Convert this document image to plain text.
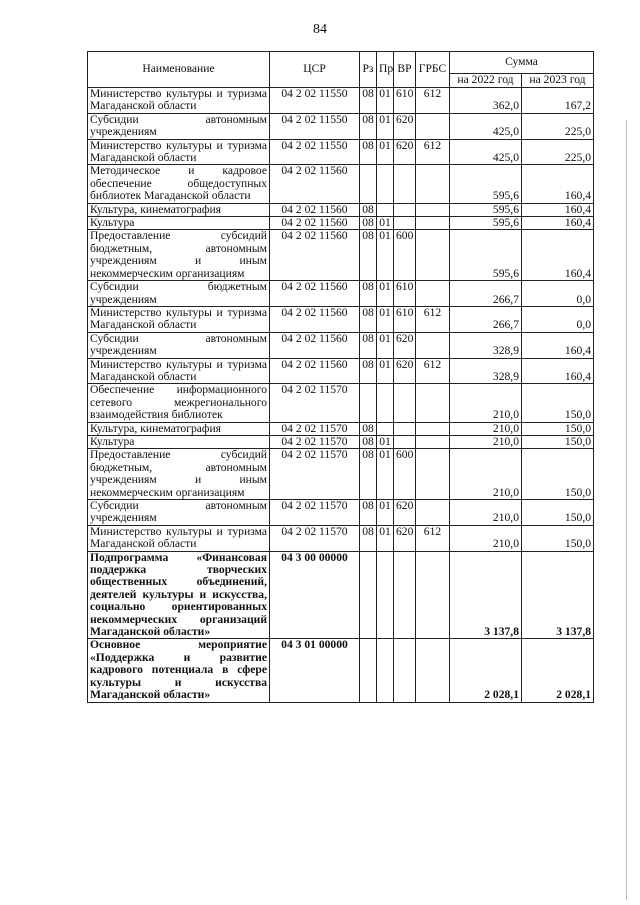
84
Наименование	ЦСР	Рз	Пр	ВР	ГРБС	Сумма	
						на 2022 год	на 2023 год
Министерство культуры и туризма Магаданской области	04 2 02 11550	08	01	610	612	362,0	167,2
Субсидии автономным учреждениям	04 2 02 11550	08	01	620		425,0	225,0
Министерство культуры и туризма Магаданской области	04 2 02 11550	08	01	620	612	425,0	225,0
Методическое и кадровое обеспечение общедоступных библиотек Магаданской области	04 2 02 11560					595,6	160,4
Культура, кинематография	04 2 02 11560	08				595,6	160,4
Культура	04 2 02 11560	08	01			595,6	160,4
Предоставление субсидий бюджетным, автономным учреждениям и иным некоммерческим организациям	04 2 02 11560	08	01	600		595,6	160,4
Субсидии бюджетным учреждениям	04 2 02 11560	08	01	610		266,7	0,0
Министерство культуры и туризма Магаданской области	04 2 02 11560	08	01	610	612	266,7	0,0
Субсидии автономным учреждениям	04 2 02 11560	08	01	620		328,9	160,4
Министерство культуры и туризма Магаданской области	04 2 02 11560	08	01	620	612	328,9	160,4
Обеспечение информационного сетевого межрегионального взаимодействия библиотек	04 2 02 11570					210,0	150,0
Культура, кинематография	04 2 02 11570	08				210,0	150,0
Культура	04 2 02 11570	08	01			210,0	150,0
Предоставление субсидий бюджетным, автономным учреждениям и иным некоммерческим организациям	04 2 02 11570	08	01	600		210,0	150,0
Субсидии автономным учреждениям	04 2 02 11570	08	01	620		210,0	150,0
Министерство культуры и туризма Магаданской области	04 2 02 11570	08	01	620	612	210,0	150,0
Подпрограмма «Финансовая поддержка творческих общественных объединений, деятелей культуры и искусства, социально ориентированных некоммерческих организаций Магаданской области»	04 3 00 00000					3 137,8	3 137,8
Основное мероприятие «Поддержка и развитие кадрового потенциала в сфере культуры и искусства Магаданской области»	04 3 01 00000					2 028,1	2 028,1
